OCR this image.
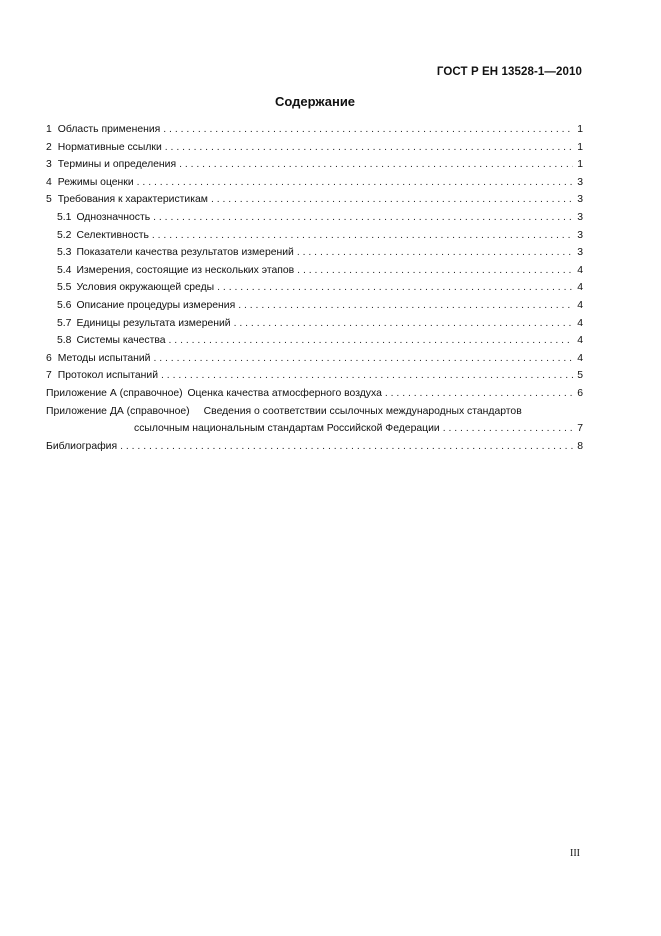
ГОСТ Р ЕН 13528-1—2010
Содержание
1 Область применения . . .	1
2 Нормативные ссылки . . .	1
3 Термины и определения . . .	1
4 Режимы оценки . . .	3
5 Требования к характеристикам . . .	3
5.1 Однозначность . . .	3
5.2 Селективность . . .	3
5.3 Показатели качества результатов измерений . . .	3
5.4 Измерения, состоящие из нескольких этапов . . .	4
5.5 Условия окружающей среды . . .	4
5.6 Описание процедуры измерения . . .	4
5.7 Единицы результата измерений . . .	4
5.8 Системы качества . . .	4
6 Методы испытаний . . .	4
7 Протокол испытаний . . .	5
Приложение А (справочное) Оценка качества атмосферного воздуха . . .	6
Приложение ДА (справочное) Сведения о соответствии ссылочных международных стандартов
ссылочным национальным стандартам Российской Федерации . . .	7
Библиография . . .	8
III
